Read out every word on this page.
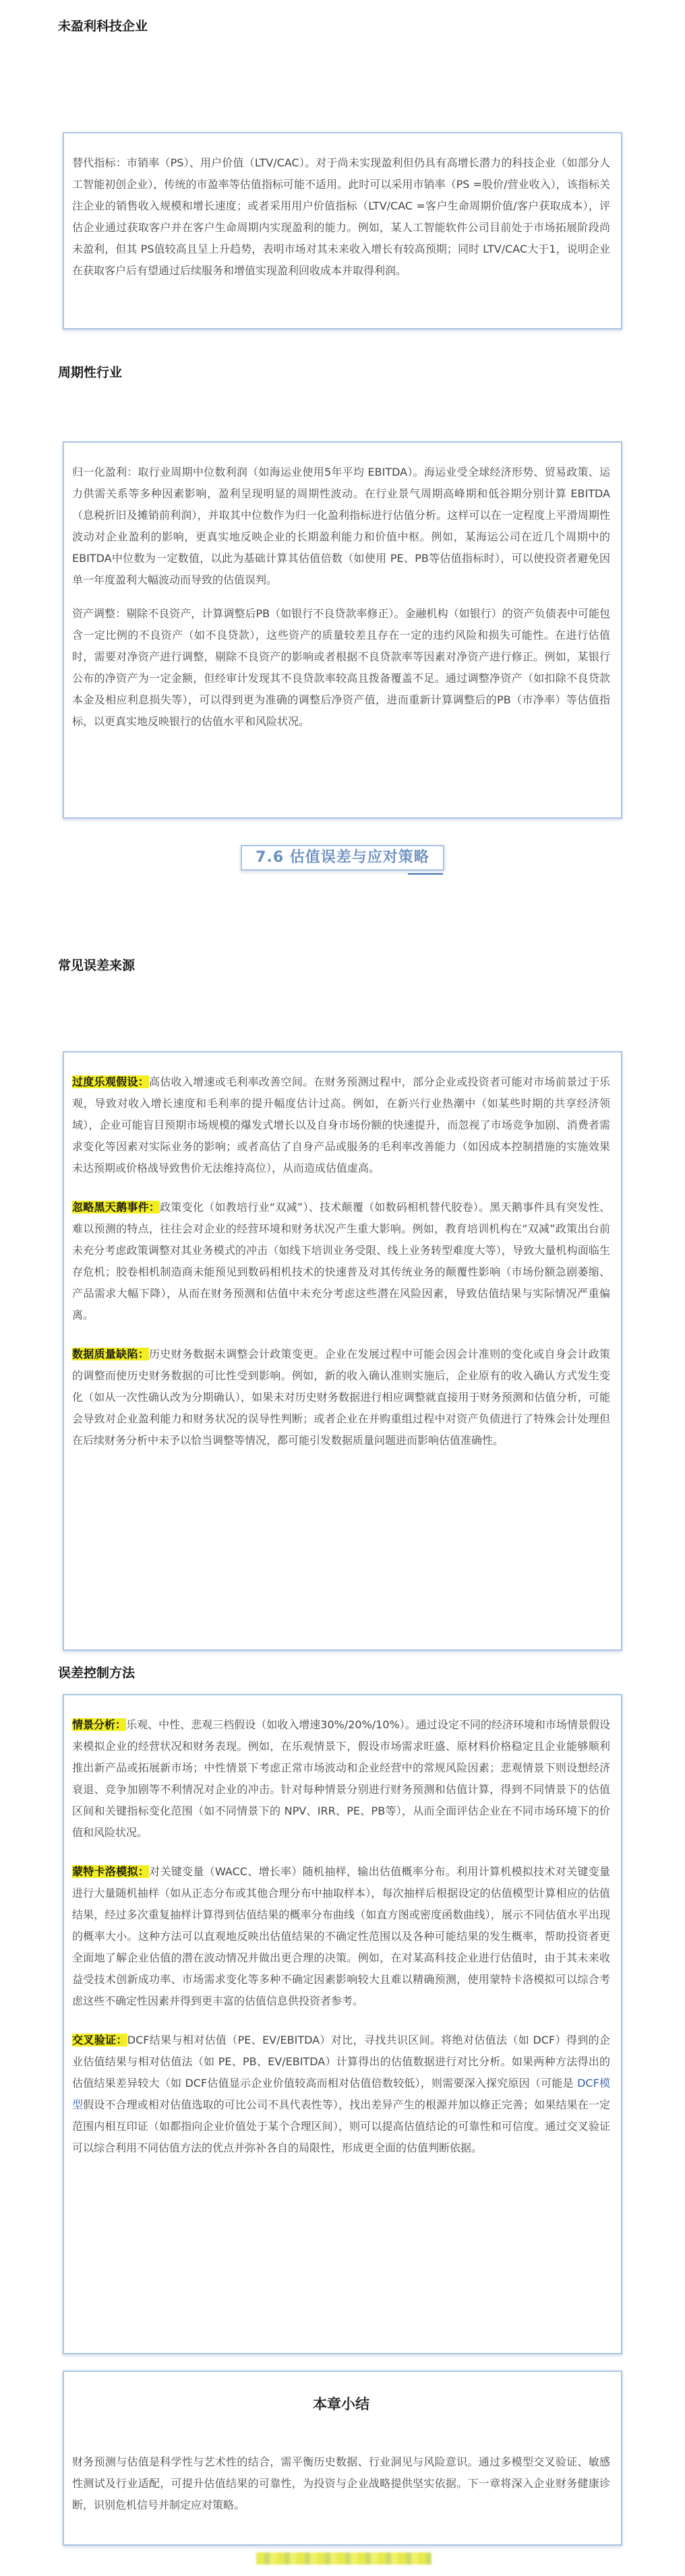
未盈利科技企业

替代指标：市销率（PS）、用户价值（LTV/CAC）。对于尚未实现盈利但仍具有高增长潜力的科技企业（如部分人工智能初创企业），传统的市盈率等估值指标可能不适用。此时可以采用市销率（PS =股价/营业收入），该指标关注企业的销售收入规模和增长速度；或者采用用户价值指标（LTV/CAC =客户生命周期价值/客户获取成本），评估企业通过获取客户并在客户生命周期内实现盈利的能力。例如，某人工智能软件公司目前处于市场拓展阶段尚未盈利，但其 PS值较高且呈上升趋势，表明市场对其未来收入增长有较高预期；同时 LTV/CAC大于1，说明企业在获取客户后有望通过后续服务和增值实现盈利回收成本并取得利润。

周期性行业

归一化盈利：取行业周期中位数利润（如海运业使用5年平均 EBITDA）。海运业受全球经济形势、贸易政策、运力供需关系等多种因素影响，盈利呈现明显的周期性波动。在行业景气周期高峰期和低谷期分别计算 EBITDA（息税折旧及摊销前利润），并取其中位数作为归一化盈利指标进行估值分析。这样可以在一定程度上平滑周期性波动对企业盈利的影响，更真实地反映企业的长期盈利能力和价值中枢。例如，某海运公司在近几个周期中的 EBITDA中位数为一定数值，以此为基础计算其估值倍数（如使用 PE、PB等估值指标时），可以使投资者避免因单一年度盈利大幅波动而导致的估值误判。

资产调整：剔除不良资产，计算调整后PB（如银行不良贷款率修正）。金融机构（如银行）的资产负债表中可能包含一定比例的不良资产（如不良贷款），这些资产的质量较差且存在一定的违约风险和损失可能性。在进行估值时，需要对净资产进行调整，剔除不良资产的影响或者根据不良贷款率等因素对净资产进行修正。例如，某银行公布的净资产为一定金额，但经审计发现其不良贷款率较高且拨备覆盖不足。通过调整净资产（如扣除不良贷款本金及相应利息损失等），可以得到更为准确的调整后净资产值，进而重新计算调整后的PB（市净率）等估值指标，以更真实地反映银行的估值水平和风险状况。

7.6 估值误差与应对策略
常见误差来源

过度乐观假设：高估收入增速或毛利率改善空间。在财务预测过程中，部分企业或投资者可能对市场前景过于乐观，导致对收入增长速度和毛利率的提升幅度估计过高。例如，在新兴行业热潮中（如某些时期的共享经济领域），企业可能盲目预期市场规模的爆发式增长以及自身市场份额的快速提升，而忽视了市场竞争加剧、消费者需求变化等因素对实际业务的影响；或者高估了自身产品或服务的毛利率改善能力（如因成本控制措施的实施效果未达预期或价格战导致售价无法维持高位），从而造成估值虚高。

忽略黑天鹅事件：政策变化（如教培行业“双减”）、技术颠覆（如数码相机替代胶卷）。黑天鹅事件具有突发性、难以预测的特点，往往会对企业的经营环境和财务状况产生重大影响。例如，教育培训机构在“双减”政策出台前未充分考虑政策调整对其业务模式的冲击（如线下培训业务受限、线上业务转型难度大等），导致大量机构面临生存危机；胶卷相机制造商未能预见到数码相机技术的快速普及对其传统业务的颠覆性影响（市场份额急剧萎缩、产品需求大幅下降），从而在财务预测和估值中未充分考虑这些潜在风险因素，导致估值结果与实际情况严重偏离。

数据质量缺陷：历史财务数据未调整会计政策变更。企业在发展过程中可能会因会计准则的变化或自身会计政策的调整而使历史财务数据的可比性受到影响。例如，新的收入确认准则实施后，企业原有的收入确认方式发生变化（如从一次性确认改为分期确认），如果未对历史财务数据进行相应调整就直接用于财务预测和估值分析，可能会导致对企业盈利能力和财务状况的误导性判断；或者企业在并购重组过程中对资产负债进行了特殊会计处理但在后续财务分析中未予以恰当调整等情况，都可能引发数据质量问题进而影响估值准确性。

误差控制方法

情景分析：乐观、中性、悲观三档假设（如收入增速30%/20%/10%）。通过设定不同的经济环境和市场情景假设来模拟企业的经营状况和财务表现。例如，在乐观情景下，假设市场需求旺盛、原材料价格稳定且企业能够顺利推出新产品或拓展新市场；中性情景下考虑正常市场波动和企业经营中的常规风险因素；悲观情景下则设想经济衰退、竞争加剧等不利情况对企业的冲击。针对每种情景分别进行财务预测和估值计算，得到不同情景下的估值区间和关键指标变化范围（如不同情景下的 NPV、IRR、PE、PB等），从而全面评估企业在不同市场环境下的价值和风险状况。

蒙特卡洛模拟：对关键变量（WACC、增长率）随机抽样，输出估值概率分布。利用计算机模拟技术对关键变量进行大量随机抽样（如从正态分布或其他合理分布中抽取样本），每次抽样后根据设定的估值模型计算相应的估值结果，经过多次重复抽样计算得到估值结果的概率分布曲线（如直方图或密度函数曲线），展示不同估值水平出现的概率大小。这种方法可以直观地反映出估值结果的不确定性范围以及各种可能结果的发生概率，帮助投资者更全面地了解企业估值的潜在波动情况并做出更合理的决策。例如，在对某高科技企业进行估值时，由于其未来收益受技术创新成功率、市场需求变化等多种不确定因素影响较大且难以精确预测，使用蒙特卡洛模拟可以综合考虑这些不确定性因素并得到更丰富的估值信息供投资者参考。

交叉验证：DCF结果与相对估值（PE、EV/EBITDA）对比，寻找共识区间。将绝对估值法（如 DCF）得到的企业估值结果与相对估值法（如 PE、PB、EV/EBITDA）计算得出的估值数据进行对比分析。如果两种方法得出的估值结果差异较大（如 DCF估值显示企业价值较高而相对估值倍数较低），则需要深入探究原因（可能是 DCF模型假设不合理或相对估值选取的可比公司不具代表性等），找出差异产生的根源并加以修正完善；如果结果在一定范围内相互印证（如都指向企业价值处于某个合理区间），则可以提高估值结论的可靠性和可信度。通过交叉验证可以综合利用不同估值方法的优点并弥补各自的局限性，形成更全面的估值判断依据。

本章小结

财务预测与估值是科学性与艺术性的结合，需平衡历史数据、行业洞见与风险意识。通过多模型交叉验证、敏感性测试及行业适配，可提升估值结果的可靠性，为投资与企业战略提供坚实依据。下一章将深入企业财务健康诊断，识别危机信号并制定应对策略。
